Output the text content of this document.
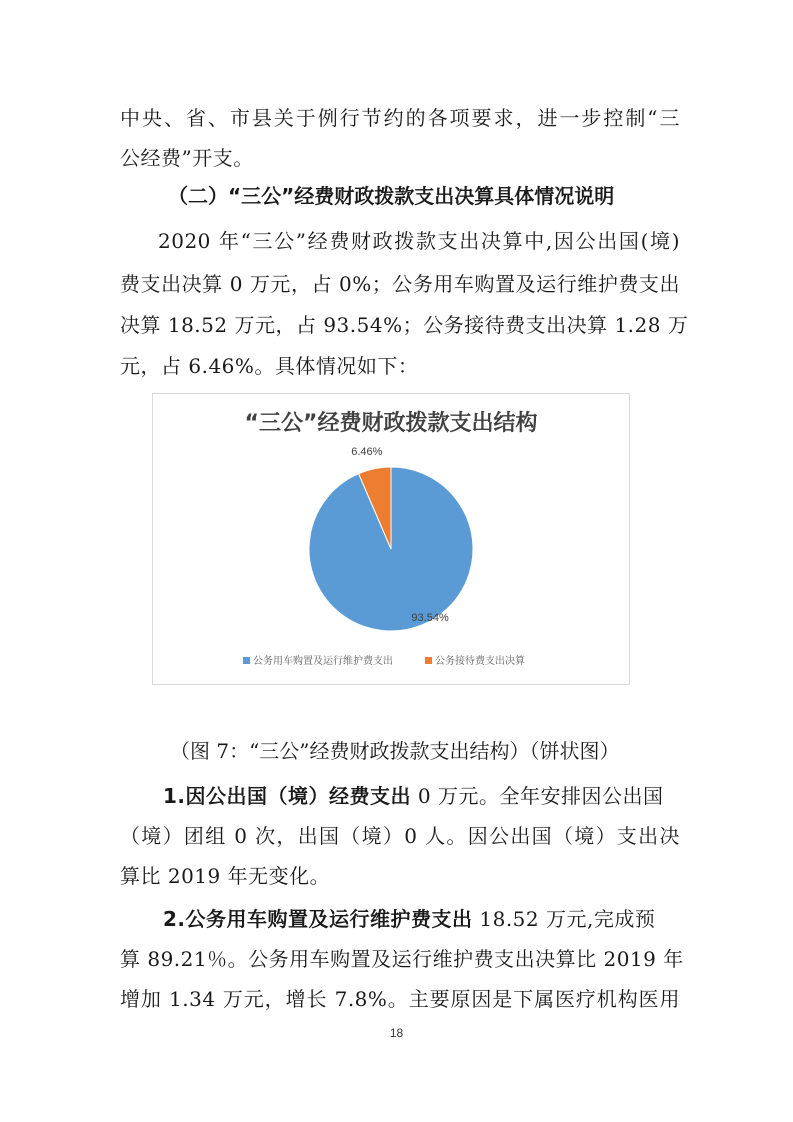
中央、省、市县关于例行节约的各项要求，进一步控制“三
公经费”开支。
（二）“三公”经费财政拨款支出决算具体情况说明
2020 年“三公”经费财政拨款支出决算中,因公出国(境)
费支出决算 0 万元，占 0%；公务用车购置及运行维护费支出
决算 18.52 万元，占 93.54%；公务接待费支出决算 1.28 万
元，占 6.46%。具体情况如下：
“三公”经费财政拨款支出结构
93.54%
6.46%
公务用车购置及运行维护费支出	公务接待费支出决算
（图 7：“三公”经费财政拨款支出结构）（饼状图）
1.因公出国（境）经费支出 0 万元。全年安排因公出国
（境）团组 0 次，出国（境）0 人。因公出国（境）支出决
算比 2019 年无变化。
2.公务用车购置及运行维护费支出 18.52 万元,完成预
算 89.21％。公务用车购置及运行维护费支出决算比 2019 年
增加 1.34 万元，增长 7.8%。主要原因是下属医疗机构医用
18
